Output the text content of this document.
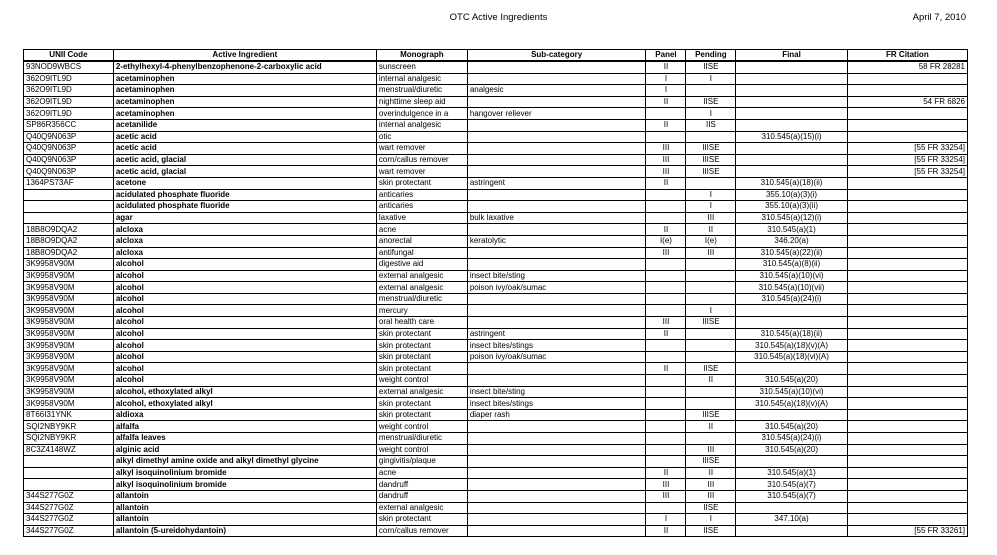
OTC Active Ingredients	April 7, 2010
UNII Code	Active Ingredient	Monograph	Sub-category	Panel	Pending	Final	FR Citation
93NOD9WBCS	2-ethylhexyl-4-phenylbenzophenone-2-carboxylic acid	sunscreen		II	IISE		58 FR 28281
362O9ITL9D	acetaminophen	internal analgesic		I	I		
362O9ITL9D	acetaminophen	menstrual/diuretic	analgesic	I			
362O9ITL9D	acetaminophen	nighttime sleep aid		II	IISE		54 FR 6826
362O9ITL9D	acetaminophen	overindulgence in a	hangover reliever		I		
SP86R356CC	acetanilide	internal analgesic		II	IIS		
Q40Q9N063P	acetic acid	otic				310.545(a)(15)(i)	
Q40Q9N063P	acetic acid	wart remover		III	IIISE		[55 FR 33254]
Q40Q9N063P	acetic acid, glacial	corn/callus remover		III	IIISE		[55 FR 33254]
Q40Q9N063P	acetic acid, glacial	wart remover		III	IIISE		[55 FR 33254]
1364PS73AF	acetone	skin protectant	astringent	II		310.545(a)(18)(ii)	
	acidulated phosphate fluoride	anticaries			I	355.10(a)(3)(i)	
	acidulated phosphate fluoride	anticaries			I	355.10(a)(3)(ii)	
	agar	laxative	bulk laxative		III	310.545(a)(12)(i)	
18B8O9DQA2	alcloxa	acne		II	II	310.545(a)(1)	
18B8O9DQA2	alcloxa	anorectal	keratolytic	I(e)	I(e)	346.20(a)	
18B8O9DQA2	alcloxa	antifungal		III	III	310.545(a)(22)(ii)	
3K9958V90M	alcohol	digestive aid				310.545(a)(8)(ii)	
3K9958V90M	alcohol	external analgesic	insect bite/sting			310.545(a)(10)(vi)	
3K9958V90M	alcohol	external analgesic	poison ivy/oak/sumac			310.545(a)(10)(vii)	
3K9958V90M	alcohol	menstrual/diuretic				310.545(a)(24)(i)	
3K9958V90M	alcohol	mercury			I		
3K9958V90M	alcohol	oral health care		III	IIISE		
3K9958V90M	alcohol	skin protectant	astringent	II		310.545(a)(18)(ii)	
3K9958V90M	alcohol	skin protectant	insect bites/stings			310.545(a)(18)(v)(A)	
3K9958V90M	alcohol	skin protectant	poison ivy/oak/sumac			310.545(a)(18)(vi)(A)	
3K9958V90M	alcohol	skin protectant		II	IISE		
3K9958V90M	alcohol	weight control			II	310.545(a)(20)	
3K9958V90M	alcohol, ethoxylated alkyl	external analgesic	insect bite/sting			310.545(a)(10)(vi)	
3K9958V90M	alcohol, ethoxylated alkyl	skin protectant	insect bites/stings			310.545(a)(18)(v)(A)	
8T66I31YNK	aldioxa	skin protectant	diaper rash		IIISE		
SQI2NBY9KR	alfalfa	weight control			II	310.545(a)(20)	
SQI2NBY9KR	alfalfa leaves	menstrual/diuretic				310.545(a)(24)(i)	
8C3Z4148WZ	alginic acid	weight control			III	310.545(a)(20)	
	alkyl dimethyl amine oxide and alkyl dimethyl glycine	gingivitis/plaque			IIISE		
	alkyl isoquinolinium bromide	acne		II	II	310.545(a)(1)	
	alkyl isoquinolinium bromide	dandruff		III	III	310.545(a)(7)	
344S277G0Z	allantoin	dandruff		III	III	310.545(a)(7)	
344S277G0Z	allantoin	external analgesic			IISE		
344S277G0Z	allantoin	skin protectant		I	I	347.10(a)	
344S277G0Z	allantoin (5-ureidohydantoin)	corn/callus remover		II	IISE		[55 FR 33261]
